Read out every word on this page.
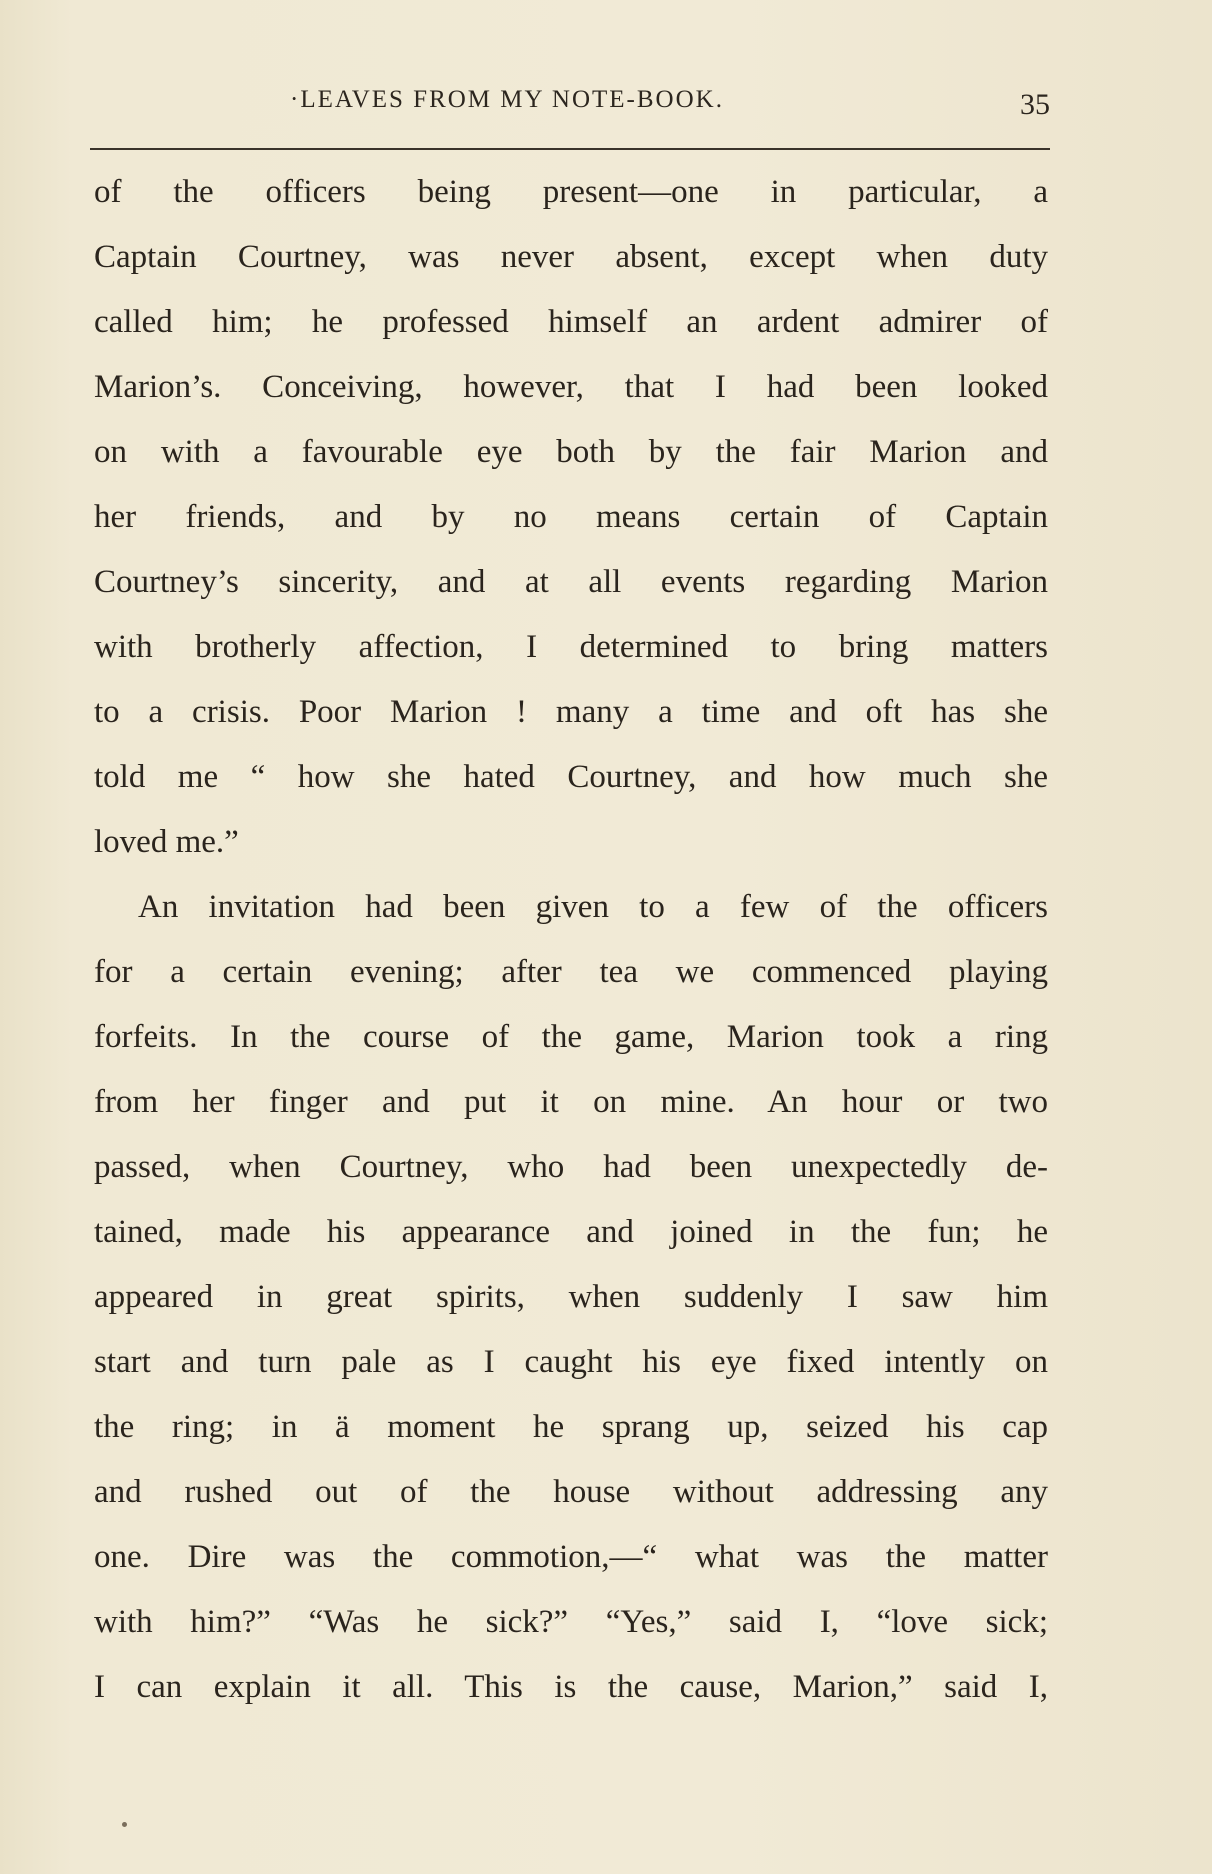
·LEAVES FROM MY NOTE-BOOK.	35
of the officers being present—one in particular, a
Captain Courtney, was never absent, except when duty
called him; he professed himself an ardent admirer of
Marion’s. Conceiving, however, that I had been looked
on with a favourable eye both by the fair Marion and
her friends, and by no means certain of Captain
Courtney’s sincerity, and at all events regarding Marion
with brotherly affection, I determined to bring matters
to a crisis. Poor Marion ! many a time and oft has she
told me “ how she hated Courtney, and how much she
loved me.”
An invitation had been given to a few of the officers
for a certain evening; after tea we commenced playing
forfeits. In the course of the game, Marion took a ring
from her finger and put it on mine. An hour or two
passed, when Courtney, who had been unexpectedly de-
tained, made his appearance and joined in the fun; he
appeared in great spirits, when suddenly I saw him
start and turn pale as I caught his eye fixed intently on
the ring; in ä moment he sprang up, seized his cap
and rushed out of the house without addressing any
one. Dire was the commotion,—“ what was the matter
with him?” “Was he sick?” “Yes,” said I, “love sick;
I can explain it all. This is the cause, Marion,” said I,
